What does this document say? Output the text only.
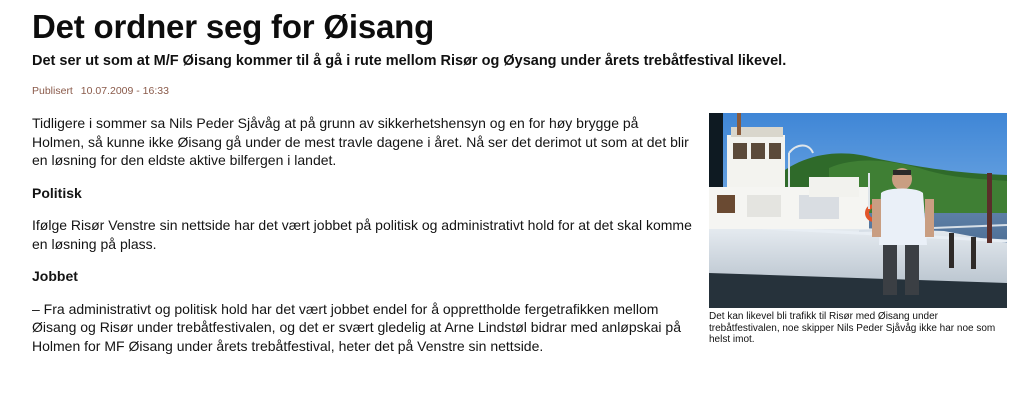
Det ordner seg for Øisang

Det ser ut som at M/F Øisang kommer til å gå i rute mellom Risør og Øysang under årets trebåtfestival likevel.

Publisert 10.07.2009 - 16:33

Tidligere i sommer sa Nils Peder Sjåvåg at på grunn av sikkerhetshensyn og en for høy brygge på Holmen, så kunne ikke Øisang gå under de mest travle dagene i året. Nå ser det derimot ut som at det blir en løsning for den eldste aktive bilfergen i landet.

Politisk

Ifølge Risør Venstre sin nettside har det vært jobbet på politisk og administrativt hold for at det skal komme en løsning på plass.

Jobbet

– Fra administrativt og politisk hold har det vært jobbet endel for å opprettholde fergetrafikken mellom Øisang og Risør under trebåtfestivalen, og det er svært gledelig at Arne Lindstøl bidrar med anløpskai på Holmen for MF Øisang under årets trebåtfestival, heter det på Venstre sin nettside.

Det kan likevel bli trafikk til Risør med Øisang under trebåtfestivalen, noe skipper Nils Peder Sjåvåg ikke har noe som helst imot.
